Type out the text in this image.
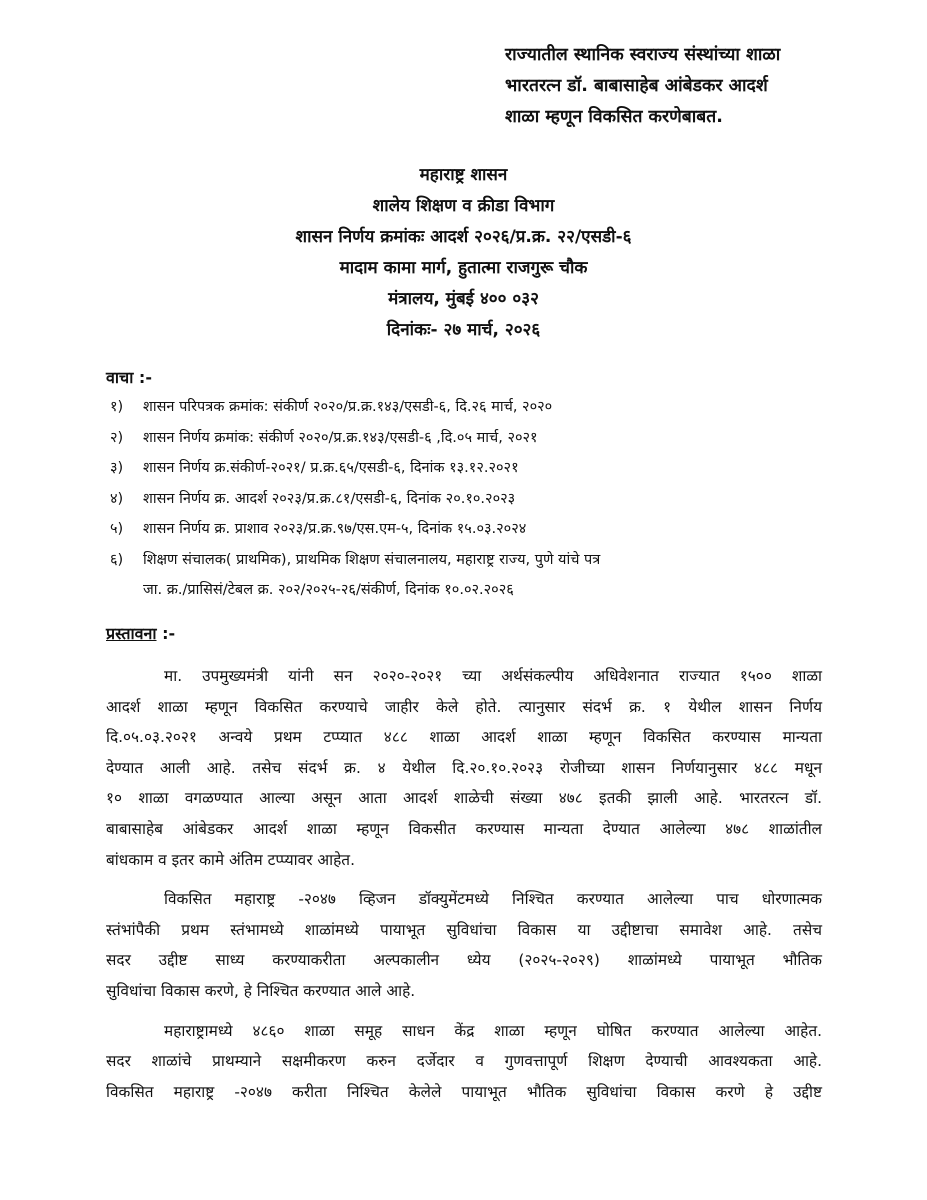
राज्यातील स्थानिक स्वराज्य संस्थांच्या शाळा
भारतरत्न डॉ. बाबासाहेब आंबेडकर आदर्श
शाळा म्हणून विकसित करणेबाबत.
महाराष्ट्र शासन
शालेय शिक्षण व क्रीडा विभाग
शासन निर्णय क्रमांकः आदर्श २०२६/प्र.क्र. २२/एसडी-६
मादाम कामा मार्ग, हुतात्मा राजगुरू चौक
मंत्रालय, मुंबई ४०० ०३२
दिनांकः- २७ मार्च, २०२६
वाचा :-
१)	शासन परिपत्रक क्रमांक: संकीर्ण २०२०/प्र.क्र.१४३/एसडी-६, दि.२६ मार्च, २०२०
२)	शासन निर्णय क्रमांक: संकीर्ण २०२०/प्र.क्र.१४३/एसडी-६ ,दि.०५ मार्च, २०२१
३)	शासन निर्णय क्र.संकीर्ण-२०२१/ प्र.क्र.६५/एसडी-६, दिनांक १३.१२.२०२१
४)	शासन निर्णय क्र. आदर्श २०२३/प्र.क्र.८१/एसडी-६, दिनांक २०.१०.२०२३
५)	शासन निर्णय क्र. प्राशाव २०२३/प्र.क्र.९७/एस.एम-५, दिनांक १५.०३.२०२४
६)	शिक्षण संचालक( प्राथमिक), प्राथमिक शिक्षण संचालनालय, महाराष्ट्र राज्य, पुणे यांचे पत्र
जा. क्र./प्रासिसं/टेबल क्र. २०२/२०२५-२६/संकीर्ण, दिनांक १०.०२.२०२६
प्रस्तावना :-

मा. उपमुख्यमंत्री यांनी सन २०२०-२०२१ च्या अर्थसंकल्पीय अधिवेशनात राज्यात १५०० शाळा
आदर्श शाळा म्हणून विकसित करण्याचे जाहीर केले होते. त्यानुसार संदर्भ क्र. १ येथील शासन निर्णय
दि.०५.०३.२०२१ अन्वये प्रथम टप्प्यात ४८८ शाळा आदर्श शाळा म्हणून विकसित करण्यास मान्यता
देण्यात आली आहे. तसेच संदर्भ क्र. ४ येथील दि.२०.१०.२०२३ रोजीच्या शासन निर्णयानुसार ४८८ मधून
१० शाळा वगळण्यात आल्या असून आता आदर्श शाळेची संख्या ४७८ इतकी झाली आहे. भारतरत्न डॉ.
बाबासाहेब आंबेडकर आदर्श शाळा म्हणून विकसीत करण्यास मान्यता देण्यात आलेल्या ४७८ शाळांतील
बांधकाम व इतर कामे अंतिम टप्प्यावर आहेत.

विकसित महाराष्ट्र -२०४७ व्हिजन डॉक्युमेंटमध्ये निश्चित करण्यात आलेल्या पाच धोरणात्मक
स्तंभांपैकी प्रथम स्तंभामध्ये शाळांमध्ये पायाभूत सुविधांचा विकास या उद्दीष्टाचा समावेश आहे. तसेच
सदर उद्दीष्ट साध्य करण्याकरीता अल्पकालीन ध्येय (२०२५-२०२९) शाळांमध्ये पायाभूत भौतिक
सुविधांचा विकास करणे, हे निश्चित करण्यात आले आहे.

महाराष्ट्रामध्ये ४८६० शाळा समूह साधन केंद्र शाळा म्हणून घोषित करण्यात आलेल्या आहेत.
सदर शाळांचे प्राथम्याने सक्षमीकरण करुन दर्जेदार व गुणवत्तापूर्ण शिक्षण देण्याची आवश्यकता आहे.
विकसित महाराष्ट्र -२०४७ करीता निश्चित केलेले पायाभूत भौतिक सुविधांचा विकास करणे हे उद्दीष्ट
